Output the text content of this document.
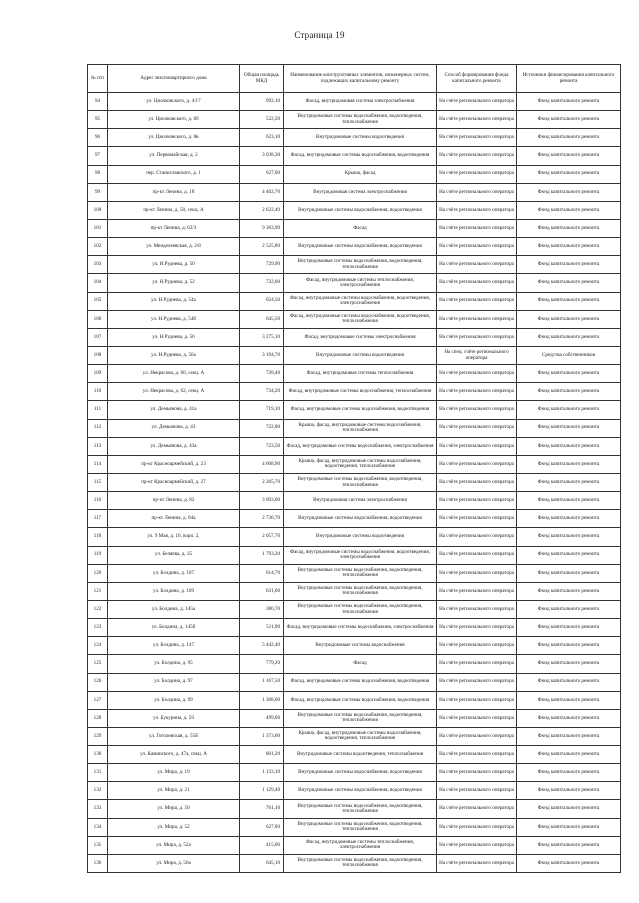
Страница 19
№ п/п	Адрес многоквартирного дома	Общая площадь МКД	Наименование конструктивных элементов, инженерных систем, подлежащих капитальному ремонту	Способ формирования фонда капитального ремонта	Источники финансирования капитального ремонта
94	ул. Циолковского, д. 4/17	992,10	Фасад, внутридомовая система электроснабжения	На счёте регионального оператора	Фонд капитального ремонта
95	ул. Циолковского, д. 8б	522,20	Внутридомовые системы водоснабжения, водоотведения, теплоснабжения	На счёте регионального оператора	Фонд капитального ремонта
96	ул. Циолковского, д. 8в	623,10	Внутридомовые системы водоотведения	На счёте регионального оператора	Фонд капитального ремонта
97	ул. Первомайская, д. 2	3 038,30	Фасад, внутридомовые системы водоснабжения, водоотведения	На счёте регионального оператора	Фонд капитального ремонта
98	пер. Станиславского, д. 1	627,00	Крыша, фасад	На счёте регионального оператора	Фонд капитального ремонта
99	пр-кт Ленина, д. 18	4 402,70	Внутридомовая система электроснабжения	На счёте регионального оператора	Фонд капитального ремонта
100	пр-кт Ленина, д. 50, секц. А	2 622,40	Внутридомовые системы водоснабжения, водоотведения	На счёте регионального оператора	Фонд капитального ремонта
101	пр-кт Ленина, д. 62/3	9 363,90	Фасад	На счёте регионального оператора	Фонд капитального ремонта
102	ул. Менделеевская, д. 2/8	2 525,80	Внутридомовые системы водоснабжения, водоотведения	На счёте регионального оператора	Фонд капитального ремонта
103	ул. Н.Руднева, д. 50	729,90	Внутридомовые системы водоснабжения, водоотведения, теплоснабжения	На счёте регионального оператора	Фонд капитального ремонта
104	ул. Н.Руднева, д. 52	732,60	Фасад, внутридомовые системы теплоснабжения, электроснабжения	На счёте регионального оператора	Фонд капитального ремонта
105	ул. Н.Руднева, д. 54а	624,50	Фасад, внутридомовые системы водоснабжения, водоотведения, электроснабжения	На счёте регионального оператора	Фонд капитального ремонта
106	ул. Н.Руднева, д. 54б	645,50	Фасад, внутридомовые системы водоснабжения, водоотведения, теплоснабжения	На счёте регионального оператора	Фонд капитального ремонта
107	ул. Н.Руднева, д. 56	3 275,10	Фасад, внутридомовые системы электроснабжения	На счёте регионального оператора	Фонд капитального ремонта
108	ул. Н.Руднева, д. 56а	3 194,70	Внутридомовые системы водоотведения	На спец. счёте регионального оператора	Средства собственников
109	ул. Некрасова, д. 60, секц. А	728,40	Фасад, внутридомовые системы теплоснабжения	На счёте регионального оператора	Фонд капитального ремонта
110	ул. Некрасова, д. 62, секц. А	734,20	Фасад, внутридомовые системы водоснабжения, теплоснабжения	На счёте регионального оператора	Фонд капитального ремонта
111	ул. Демьянова, д. 41а	719,10	Фасад, внутридомовые системы водоснабжения, водоотведения	На счёте регионального оператора	Фонд капитального ремонта
112	ул. Демьянова, д. 43	722,80	Крыша, фасад, внутридомовые системы водоснабжения, теплоснабжения	На счёте регионального оператора	Фонд капитального ремонта
113	ул. Демьянова, д. 43а	723,50	Фасад, внутридомовые системы водоснабжения, электроснабжения	На счёте регионального оператора	Фонд капитального ремонта
114	пр-кт Красноармейский, д. 23	4 608,90	Крыша, фасад, внутридомовые системы водоснабжения, водоотведения, теплоснабжения	На счёте регионального оператора	Фонд капитального ремонта
115	пр-кт Красноармейский, д. 27	2 265,70	Внутридомовые системы водоснабжения, водоотведения, теплоснабжения	На счёте регионального оператора	Фонд капитального ремонта
116	пр-кт Ленина, д. 82	3 693,00	Внутридомовая система электроснабжения	На счёте регионального оператора	Фонд капитального ремонта
117	пр-кт Ленина, д. 84а	2 736,70	Внутридомовые системы водоснабжения, водоотведения	На счёте регионального оператора	Фонд капитального ремонта
118	ул. 9 Мая, д. 16, корп. 2,	2 057,70	Внутридомовые системы водоотведения	На счёте регионального оператора	Фонд капитального ремонта
119	ул. Беляева, д. 25	1 793,20	Фасад, внутридомовые системы водоснабжения, водоотведения, электроснабжения	На счёте регионального оператора	Фонд капитального ремонта
120	ул. Болдина, д. 107	614,70	Внутридомовые системы водоснабжения, водоотведения, теплоснабжения	На счёте регионального оператора	Фонд капитального ремонта
121	ул. Болдина, д. 109	631,00	Внутридомовые системы водоснабжения, водоотведения, теплоснабжения	На счёте регионального оператора	Фонд капитального ремонта
122	ул. Болдина, д. 145а	380,70	Внутридомовые системы водоснабжения, водоотведения, теплоснабжения	На счёте регионального оператора	Фонд капитального ремонта
123	ул. Болдина, д. 145б	511,90	Фасад, внутридомовые системы водоснабжения, электроснабжения	На счёте регионального оператора	Фонд капитального ремонта
124	ул. Болдина, д. 147	5 442,40	Внутридомовые системы водоснабжения	На счёте регионального оператора	Фонд капитального ремонта
125	ул. Болдина, д. 95	779,20	Фасад	На счёте регионального оператора	Фонд капитального ремонта
126	ул. Болдина, д. 97	1 167,50	Фасад, внутридомовые системы водоснабжения, водоотведения	На счёте регионального оператора	Фонд капитального ремонта
127	ул. Болдина, д. 99	1 308,60	Фасад, внутридомовые системы водоснабжения, водоотведения	На счёте регионального оператора	Фонд капитального ремонта
128	ул. Букурина, д. 59	499,00	Внутридомовые системы водоснабжения, водоотведения, теплоснабжения	На счёте регионального оператора	Фонд капитального ремонта
129	ул. Гоголевская, д. 55Б	1 373,00	Крыша, фасад, внутридомовые системы водоснабжения, водоотведения, теплоснабжения	На счёте регионального оператора	Фонд капитального ремонта
130	ул. Каминского, д. 47а, секц. А	801,20	Внутридомовые системы водоотведения, теплоснабжения	На счёте регионального оператора	Фонд капитального ремонта
131	ул. Мира, д. 19	1 133,10	Внутридомовые системы водоснабжения, водоотведения	На счёте регионального оператора	Фонд капитального ремонта
132	ул. Мира, д. 21	1 129,40	Внутридомовые системы водоснабжения, водоотведения	На счёте регионального оператора	Фонд капитального ремонта
133	ул. Мира, д. 50	761,10	Внутридомовые системы водоснабжения, водоотведения, теплоснабжения	На счёте регионального оператора	Фонд капитального ремонта
134	ул. Мира, д. 52	627,80	Внутридомовые системы водоснабжения, водоотведения, теплоснабжения	На счёте регионального оператора	Фонд капитального ремонта
135	ул. Мира, д. 52а	415,00	Фасад, внутридомовые системы теплоснабжения, электроснабжения	На счёте регионального оператора	Фонд капитального ремонта
136	ул. Мира, д. 56а	645,10	Внутридомовые системы водоснабжения, водоотведения, теплоснабжения	На счёте регионального оператора	Фонд капитального ремонта
